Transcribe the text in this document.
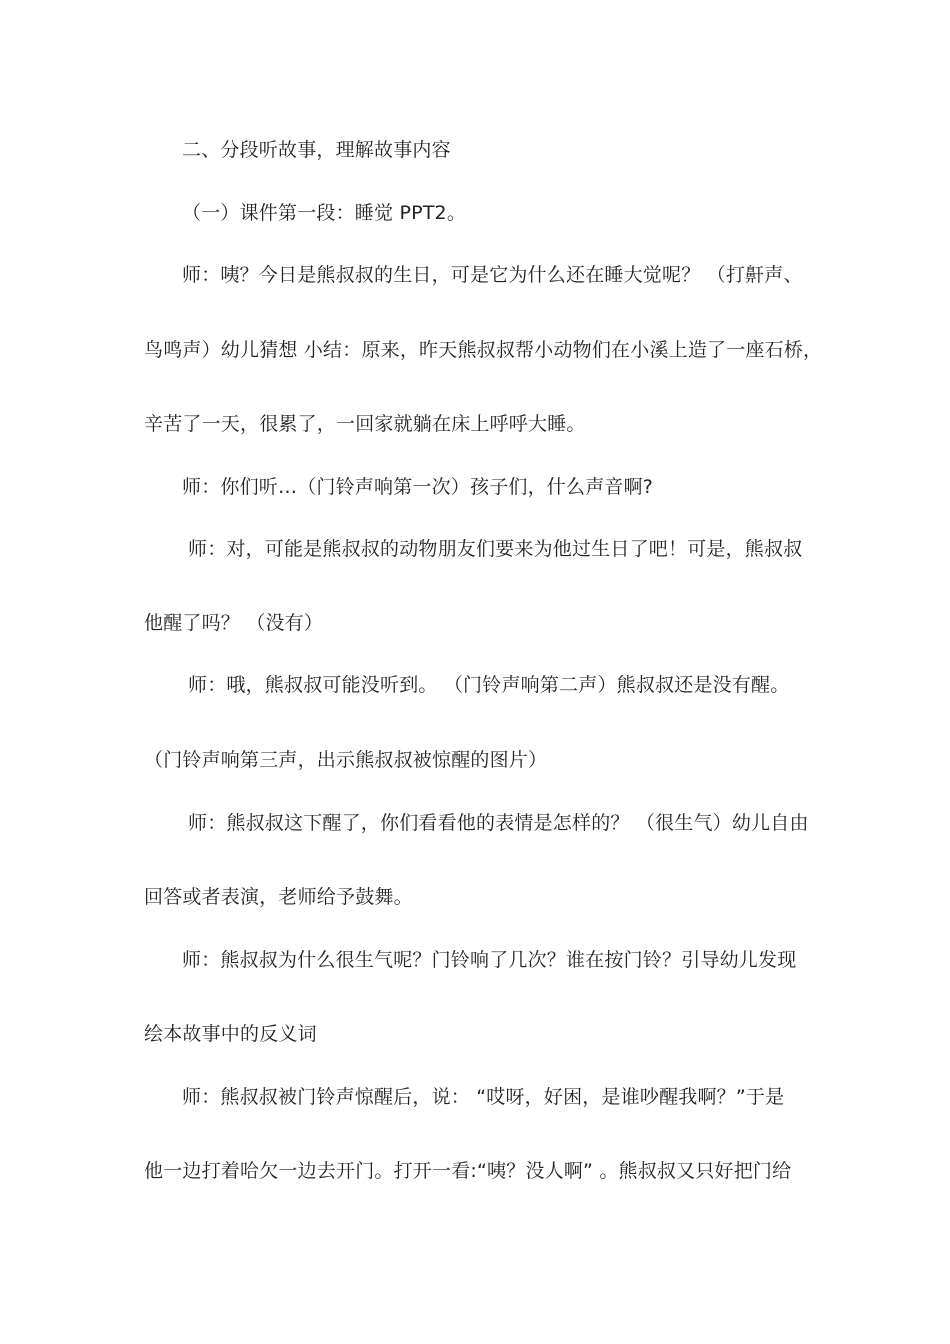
二、分段听故事，理解故事内容
（一）课件第一段：睡觉 PPT2。
师：咦？今日是熊叔叔的生日，可是它为什么还在睡大觉呢？ （打鼾声、
鸟鸣声）幼儿猜想 小结：原来，昨天熊叔叔帮小动物们在小溪上造了一座石桥，
辛苦了一天，很累了，一回家就躺在床上呼呼大睡。
师：你们听…（门铃声响第一次）孩子们，什么声音啊?
师：对，可能是熊叔叔的动物朋友们要来为他过生日了吧！可是，熊叔叔
他醒了吗？ （没有）
师：哦，熊叔叔可能没听到。 （门铃声响第二声）熊叔叔还是没有醒。
（门铃声响第三声，出示熊叔叔被惊醒的图片）
师：熊叔叔这下醒了，你们看看他的表情是怎样的？ （很生气）幼儿自由
回答或者表演，老师给予鼓舞。
师：熊叔叔为什么很生气呢？门铃响了几次？谁在按门铃？引导幼儿发现
绘本故事中的反义词
师：熊叔叔被门铃声惊醒后，说： “哎呀，好困，是谁吵醒我啊？”于是
他一边打着哈欠一边去开门。打开一看:“咦？没人啊” 。熊叔叔又只好把门给
